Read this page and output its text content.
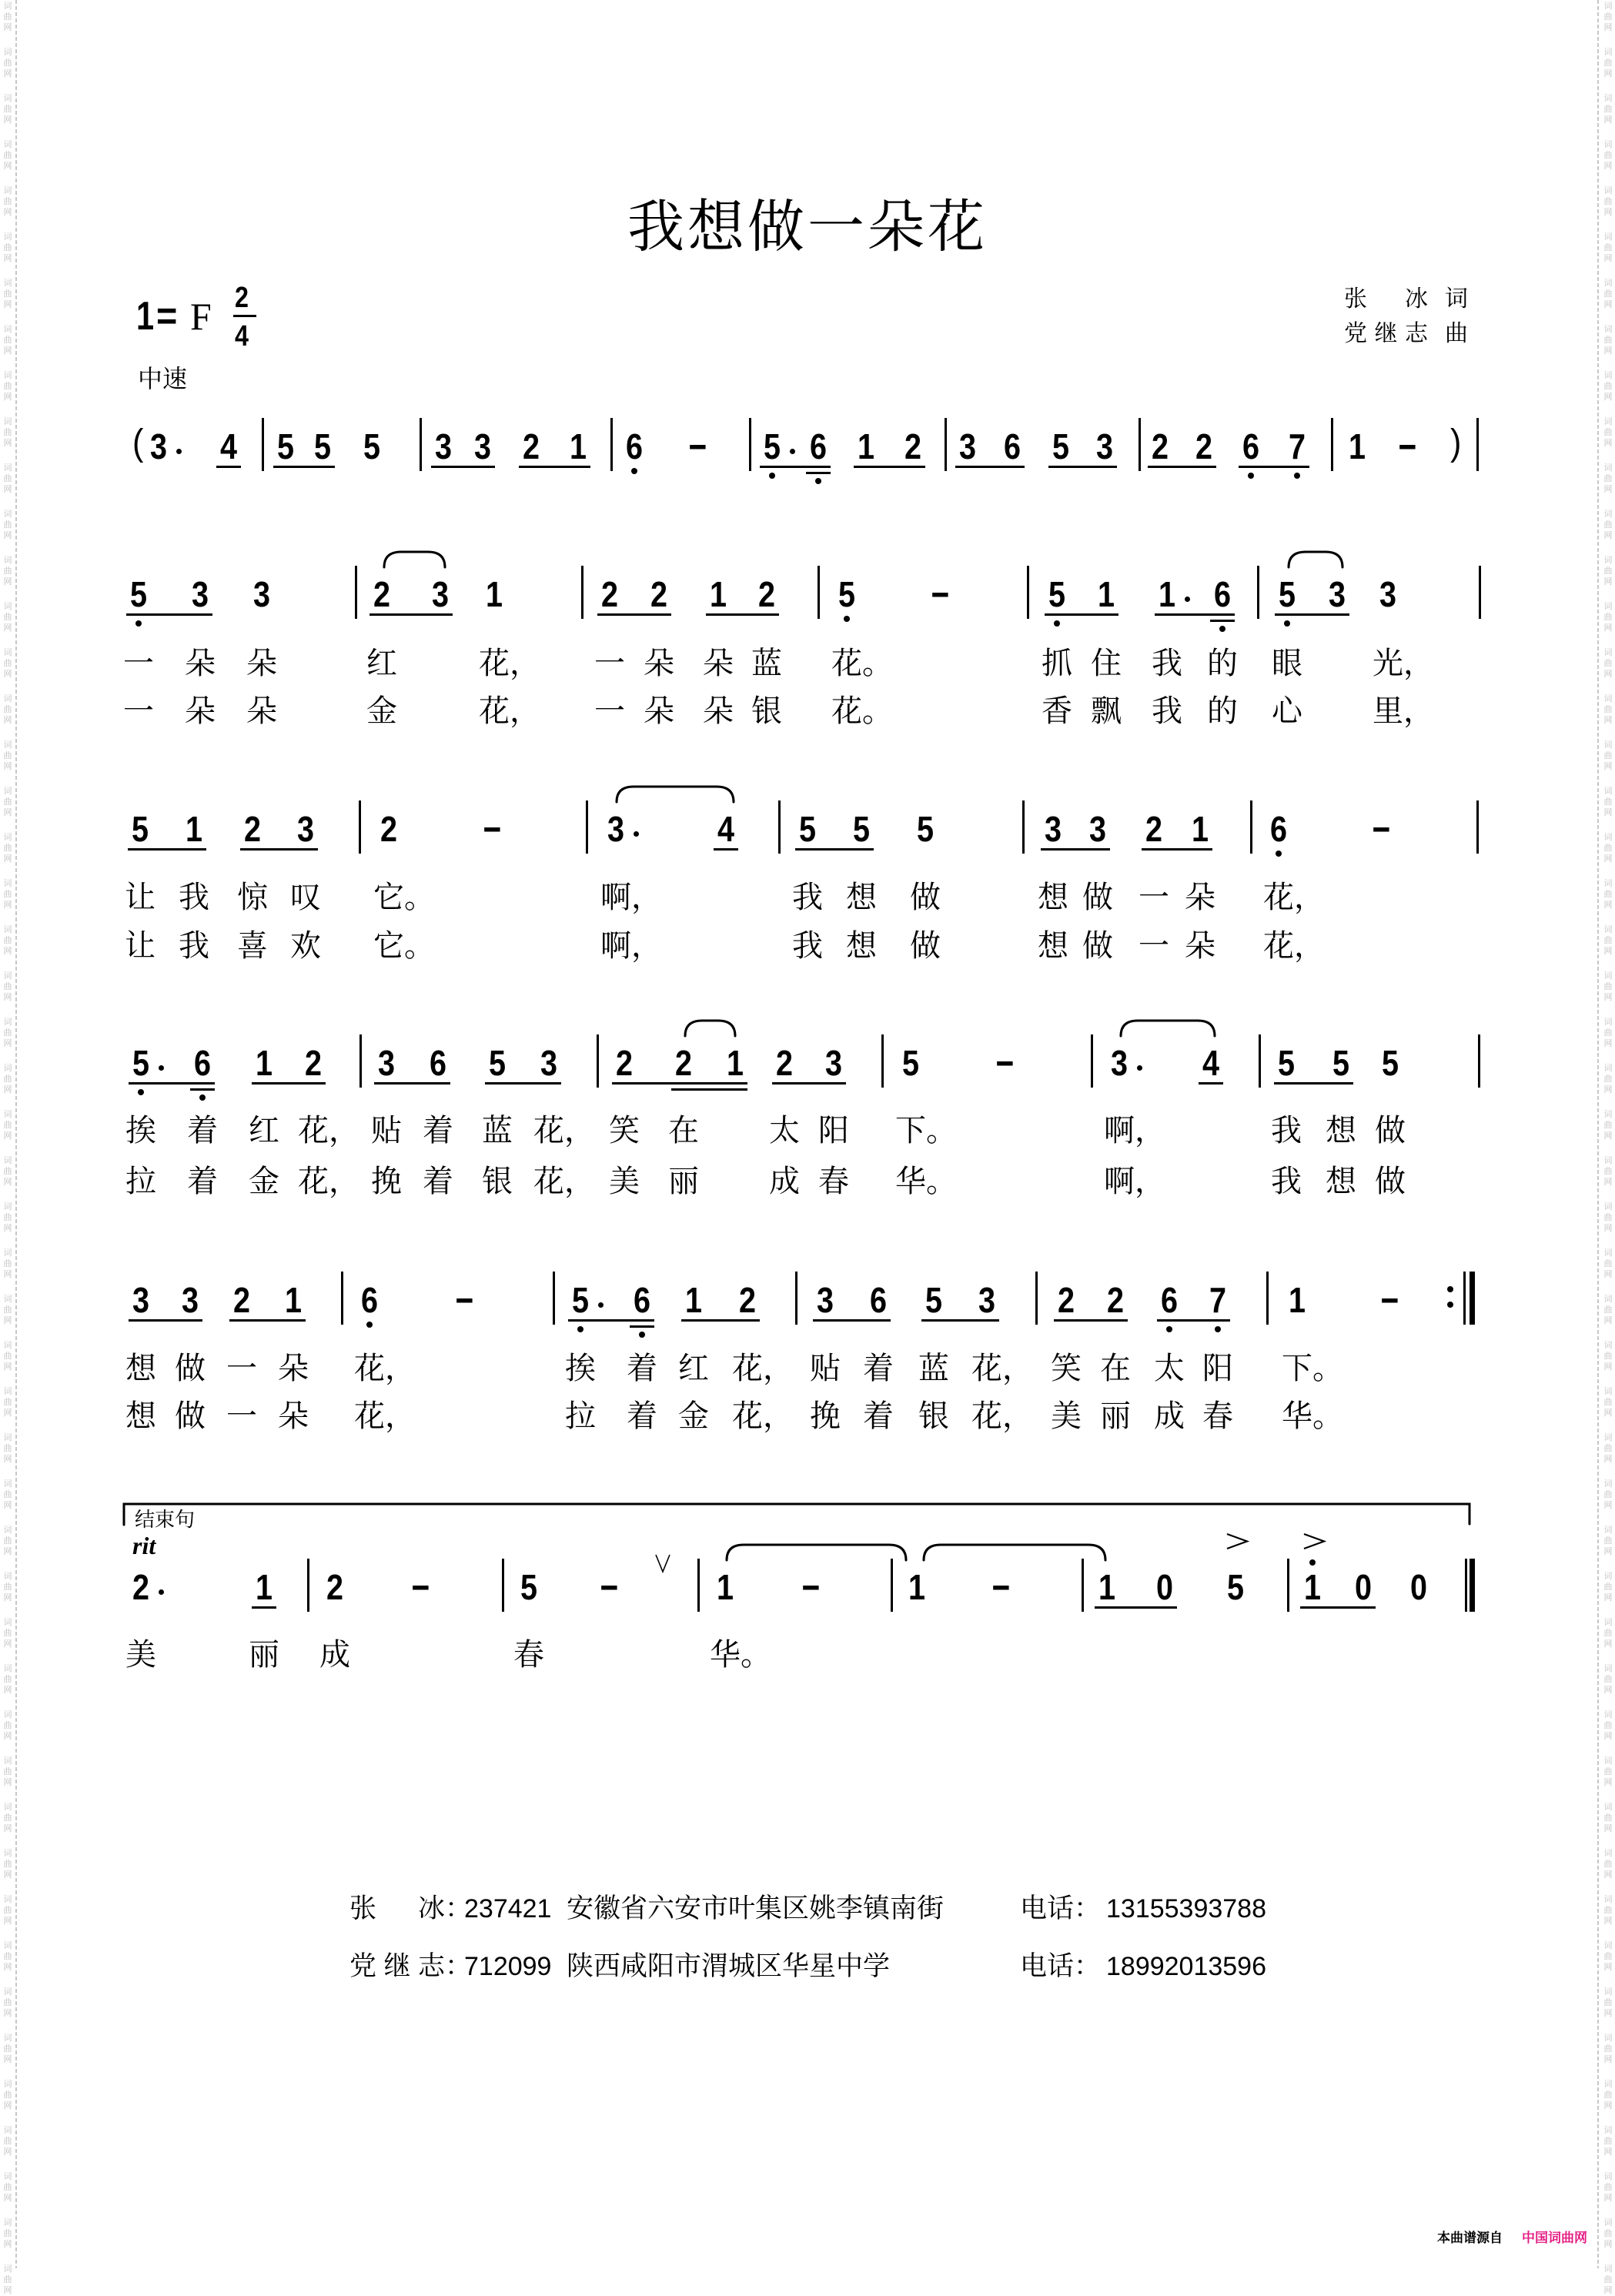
词	词
曲	曲
网	网
词	词
曲	曲
网	网
词	词
曲	曲
网	网
词	词
曲	曲
网	网
词	词
曲	曲
网	网
词	词
曲	曲
网	网
词	词
曲	曲
网	网
词	词
曲	曲
网	网
词	词
曲	曲
网	网
词	词
曲	曲
网	网
词	词
曲	曲
网	网
词	词
曲	曲
网	网
词	词
曲	曲
网	网
词	词
曲	曲
网	网
词	词
曲	曲
网	网
词	词
曲	曲
网	网
词	词
曲	曲
网	网
词	词
曲	曲
网	网
词	词
曲	曲
网	网
词	词
曲	曲
网	网
词	词
曲	曲
网	网
词	词
曲	曲
网	网
词	词
曲	曲
网	网
词	词
曲	曲
网	网
词	词
曲	曲
网	网
词	词
曲	曲
网	网
词	词
曲	曲
网	网
词	词
曲	曲
网	网
词	词
曲	曲
网	网
词	词
曲	曲
网	网
词	词
曲	曲
网	网
词	词
曲	曲
网	网
词	词
曲	曲
网	网
词	词
曲	曲
网	网
词	词
曲	曲
网	网
词	词
曲	曲
网	网
词	词
曲	曲
网	网
词	词
曲	曲
网	网
词	词
曲	曲
网	网
词	词
曲	曲
网	网
词	词
曲	曲
网	网
词	词
曲	曲
网	网
词	词
曲	曲
网	网
词	词
曲	曲
网	网
词	词
曲	曲
网	网
词	词
曲	曲
网	网
词	词
曲	曲
网	网
词	词
曲	曲
网	网
词	词
曲	曲
网	网
词	词
曲	曲
网	网
我想做一朵花
1 = F 2
4
中速
张冰 词
党继志 曲
( 3 4 5 5 5 3 3 2 1 6 - 5 6 1 2 3 6 5 3 2 2 6 7 1 - )
5
一
一
3
朵
朵
3
朵
朵
2
红
金
3 1
花，
花，
2
一
一
2
朵
朵
1
朵
朵
2
蓝
银
5
花。
花。
-	5
抓
香
1
住
飘
1
我
我
6
的
的
5
眼
心
3 3
光，
里，
5
让
让
1
我
我
2
惊
喜
3
叹
欢
2
它。
它。
-	3
啊，
啊，
4 5
我
我
5
想
想
5
做
做
3
想
想
3
做
做
2
一
一
1
朵
朵
6
花，
花，
-
5
挨
拉
6
着
着
1
红
金
2
花，
花，
3
贴
挽
6
着
着
5
蓝
银
3
花，
花，
2
笑
美
2
在
丽
1 2
太
成
3
阳
春
5
下。
华。
-	3
啊，
啊，
4 5
我
我
5
想
想
5
做
做
3
想
想
3
做
做
2
一
一
1
朵
朵
6
花，
花，
-	5
挨
拉
6
着
着
1
红
金
2
花，
花，
3
贴
挽
6
着
着
5
蓝
银
3
花，
花，
2
笑
美
2
在
丽
6
太
成
7
阳
春
1
下。
华。
-
2
美
1
丽
2
成
-	5
春
-	1
华。
- 1 - 1 0 5 1 0 0
结束句
rit
张冰 ：
237421 安徽省六安市叶集区姚李镇南街	电话： 13155393788
党继志 ：
712099 陕西咸阳市渭城区华星中学	电话： 18992013596
本曲谱源自 中国词曲网
